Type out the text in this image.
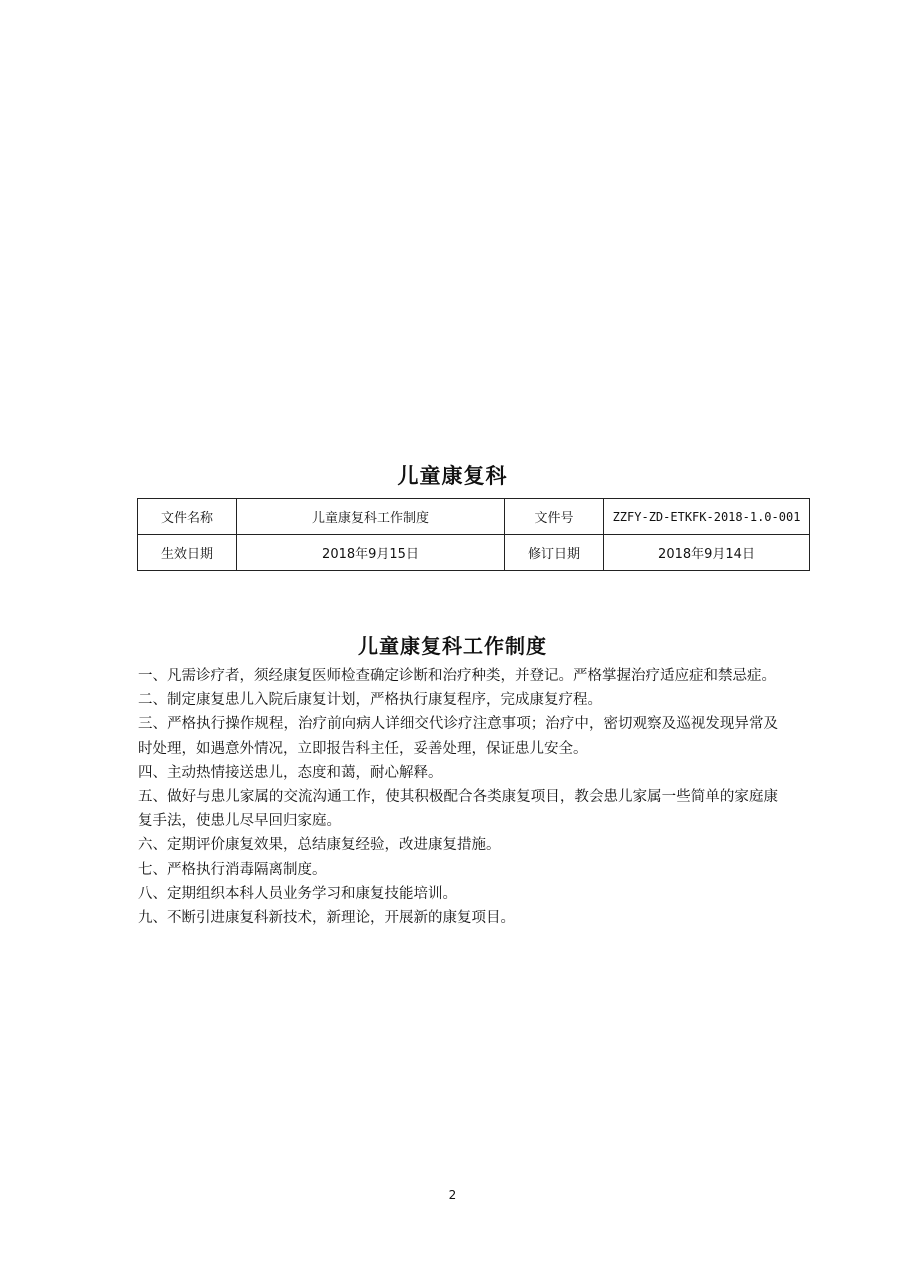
儿童康复科
文件名称	儿童康复科工作制度	文件号	ZZFY-ZD-ETKFK-2018-1.0-001
生效日期	2018年9月15日	修订日期	2018年9月14日
儿童康复科工作制度

一、凡需诊疗者，须经康复医师检查确定诊断和治疗种类，并登记。严格掌握治疗适应症和禁忌症。

二、制定康复患儿入院后康复计划，严格执行康复程序，完成康复疗程。

三、严格执行操作规程，治疗前向病人详细交代诊疗注意事项；治疗中，密切观察及巡视发现异常及时处理，如遇意外情况，立即报告科主任，妥善处理，保证患儿安全。

四、主动热情接送患儿，态度和蔼，耐心解释。

五、做好与患儿家属的交流沟通工作，使其积极配合各类康复项目，教会患儿家属一些简单的家庭康复手法，使患儿尽早回归家庭。

六、定期评价康复效果，总结康复经验，改进康复措施。

七、严格执行消毒隔离制度。

八、定期组织本科人员业务学习和康复技能培训。

九、不断引进康复科新技术，新理论，开展新的康复项目。

2
